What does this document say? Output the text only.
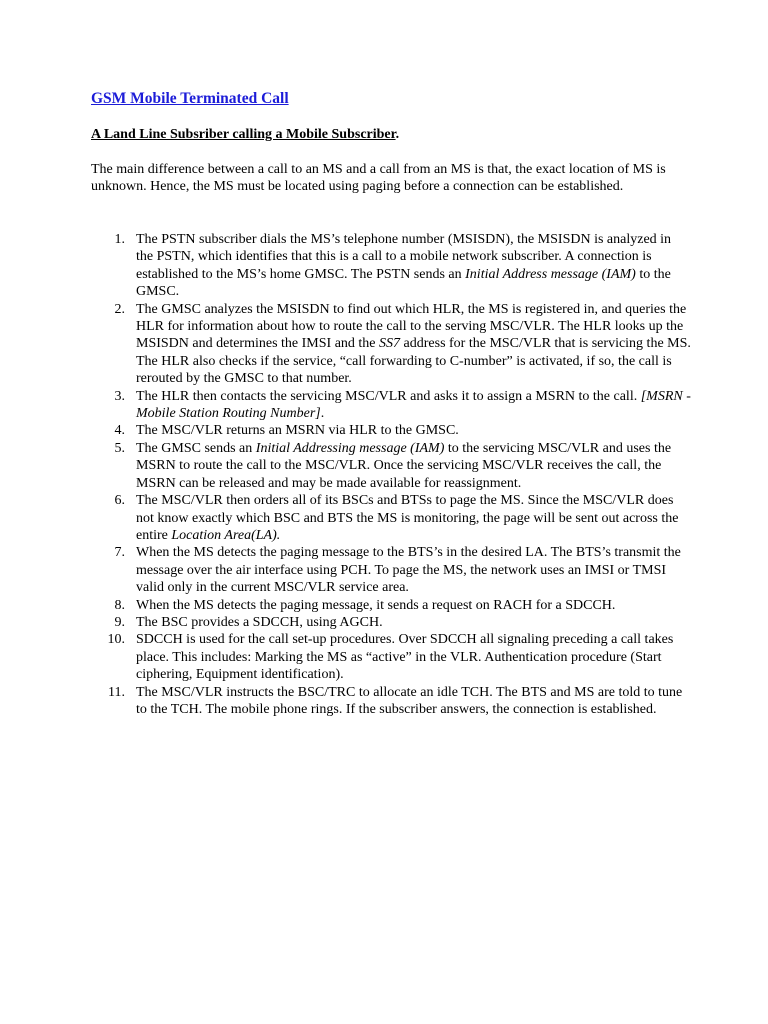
GSM Mobile Terminated Call

A Land Line Subsriber calling a Mobile Subscriber.

The main difference between a call to an MS and a call from an MS is that, the exact location of MS is unknown. Hence, the MS must be located using paging before a connection can be established.

1. The PSTN subscriber dials the MS’s telephone number (MSISDN), the MSISDN is analyzed in the PSTN, which identifies that this is a call to a mobile network subscriber. A connection is established to the MS’s home GMSC. The PSTN sends an Initial Address message (IAM) to the GMSC.
2. The GMSC analyzes the MSISDN to find out which HLR, the MS is registered in, and queries the HLR for information about how to route the call to the serving MSC/VLR. The HLR looks up the MSISDN and determines the IMSI and the SS7 address for the MSC/VLR that is servicing the MS. The HLR also checks if the service, “call forwarding to C-number” is activated, if so, the call is rerouted by the GMSC to that number.
3. The HLR then contacts the servicing MSC/VLR and asks it to assign a MSRN to the call. [MSRN - Mobile Station Routing Number].
4. The MSC/VLR returns an MSRN via HLR to the GMSC.
5. The GMSC sends an Initial Addressing message (IAM) to the servicing MSC/VLR and uses the MSRN to route the call to the MSC/VLR. Once the servicing MSC/VLR receives the call, the MSRN can be released and may be made available for reassignment.
6. The MSC/VLR then orders all of its BSCs and BTSs to page the MS. Since the MSC/VLR does not know exactly which BSC and BTS the MS is monitoring, the page will be sent out across the entire Location Area(LA).
7. When the MS detects the paging message to the BTS’s in the desired LA. The BTS’s transmit the message over the air interface using PCH. To page the MS, the network uses an IMSI or TMSI valid only in the current MSC/VLR service area.
8. When the MS detects the paging message, it sends a request on RACH for a SDCCH.
9. The BSC provides a SDCCH, using AGCH.
10. SDCCH is used for the call set-up procedures. Over SDCCH all signaling preceding a call takes place. This includes: Marking the MS as “active” in the VLR. Authentication procedure (Start ciphering, Equipment identification).
11. The MSC/VLR instructs the BSC/TRC to allocate an idle TCH. The BTS and MS are told to tune to the TCH. The mobile phone rings. If the subscriber answers, the connection is established.
